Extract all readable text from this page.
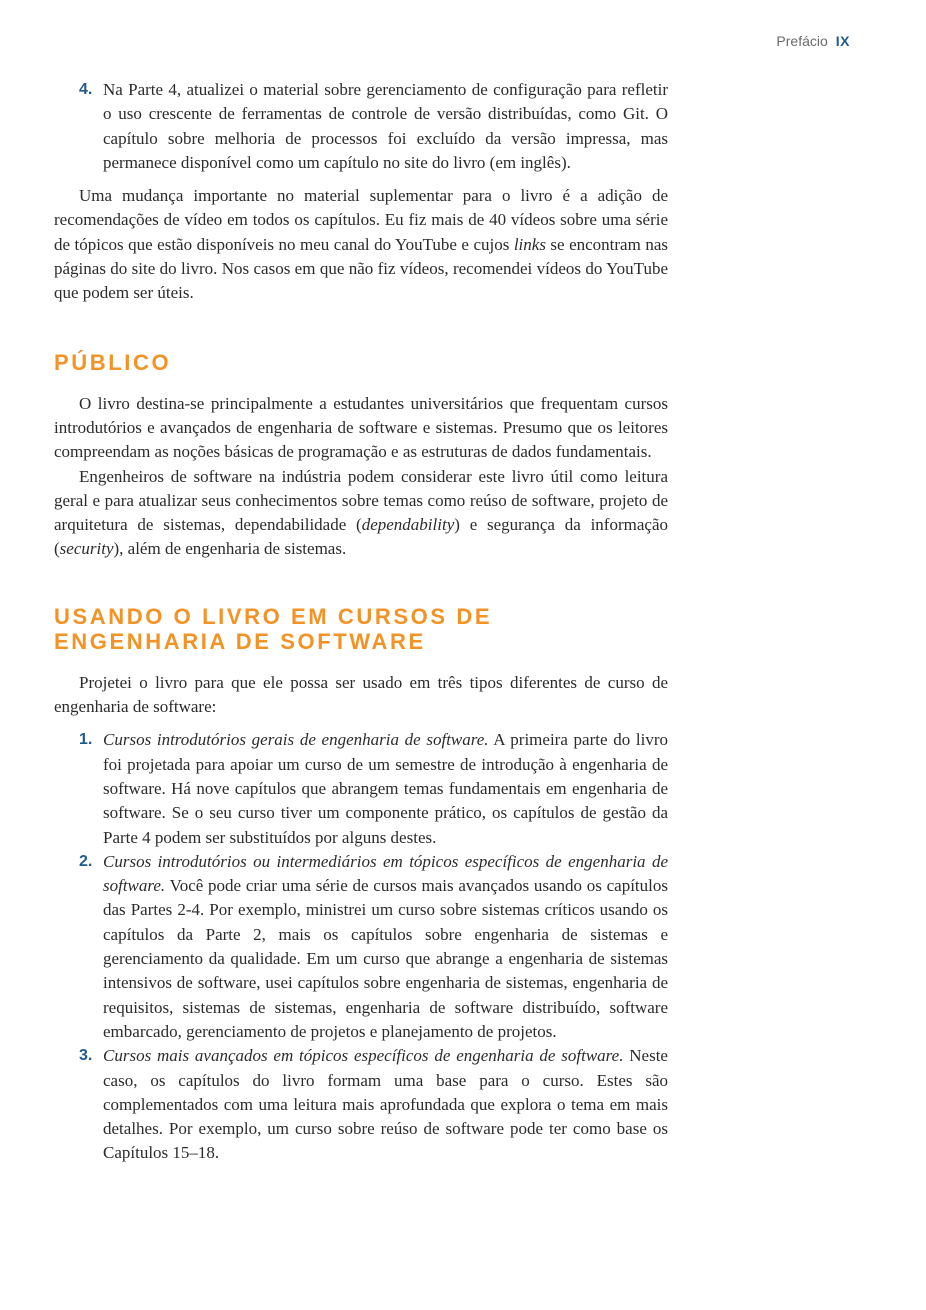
Prefácio IX
4. Na Parte 4, atualizei o material sobre gerenciamento de configuração para refletir o uso crescente de ferramentas de controle de versão distribuídas, como Git. O capítulo sobre melhoria de processos foi excluído da versão impressa, mas permanece disponível como um capítulo no site do livro (em inglês).

Uma mudança importante no material suplementar para o livro é a adição de recomendações de vídeo em todos os capítulos. Eu fiz mais de 40 vídeos sobre uma série de tópicos que estão disponíveis no meu canal do YouTube e cujos links se encontram nas páginas do site do livro. Nos casos em que não fiz vídeos, recomendei vídeos do YouTube que podem ser úteis.

PÚBLICO

O livro destina-se principalmente a estudantes universitários que frequentam cursos introdutórios e avançados de engenharia de software e sistemas. Presumo que os leitores compreendam as noções básicas de programação e as estruturas de dados fundamentais.

Engenheiros de software na indústria podem considerar este livro útil como leitura geral e para atualizar seus conhecimentos sobre temas como reúso de software, projeto de arquitetura de sistemas, dependabilidade (dependability) e segurança da informação (security), além de engenharia de sistemas.

USANDO O LIVRO EM CURSOS DE
ENGENHARIA DE SOFTWARE

Projetei o livro para que ele possa ser usado em três tipos diferentes de curso de engenharia de software:

1. Cursos introdutórios gerais de engenharia de software. A primeira parte do livro foi projetada para apoiar um curso de um semestre de introdução à engenharia de software. Há nove capítulos que abrangem temas fundamentais em engenharia de software. Se o seu curso tiver um componente prático, os capítulos de gestão da Parte 4 podem ser substituídos por alguns destes.
2. Cursos introdutórios ou intermediários em tópicos específicos de engenharia de software. Você pode criar uma série de cursos mais avançados usando os capítulos das Partes 2-4. Por exemplo, ministrei um curso sobre sistemas críticos usando os capítulos da Parte 2, mais os capítulos sobre engenharia de sistemas e gerenciamento da qualidade. Em um curso que abrange a engenharia de sistemas intensivos de software, usei capítulos sobre engenharia de sistemas, engenharia de requisitos, sistemas de sistemas, engenharia de software distribuído, software embarcado, gerenciamento de projetos e planejamento de projetos.
3. Cursos mais avançados em tópicos específicos de engenharia de software. Neste caso, os capítulos do livro formam uma base para o curso. Estes são complementados com uma leitura mais aprofundada que explora o tema em mais detalhes. Por exemplo, um curso sobre reúso de software pode ter como base os Capítulos 15–18.
